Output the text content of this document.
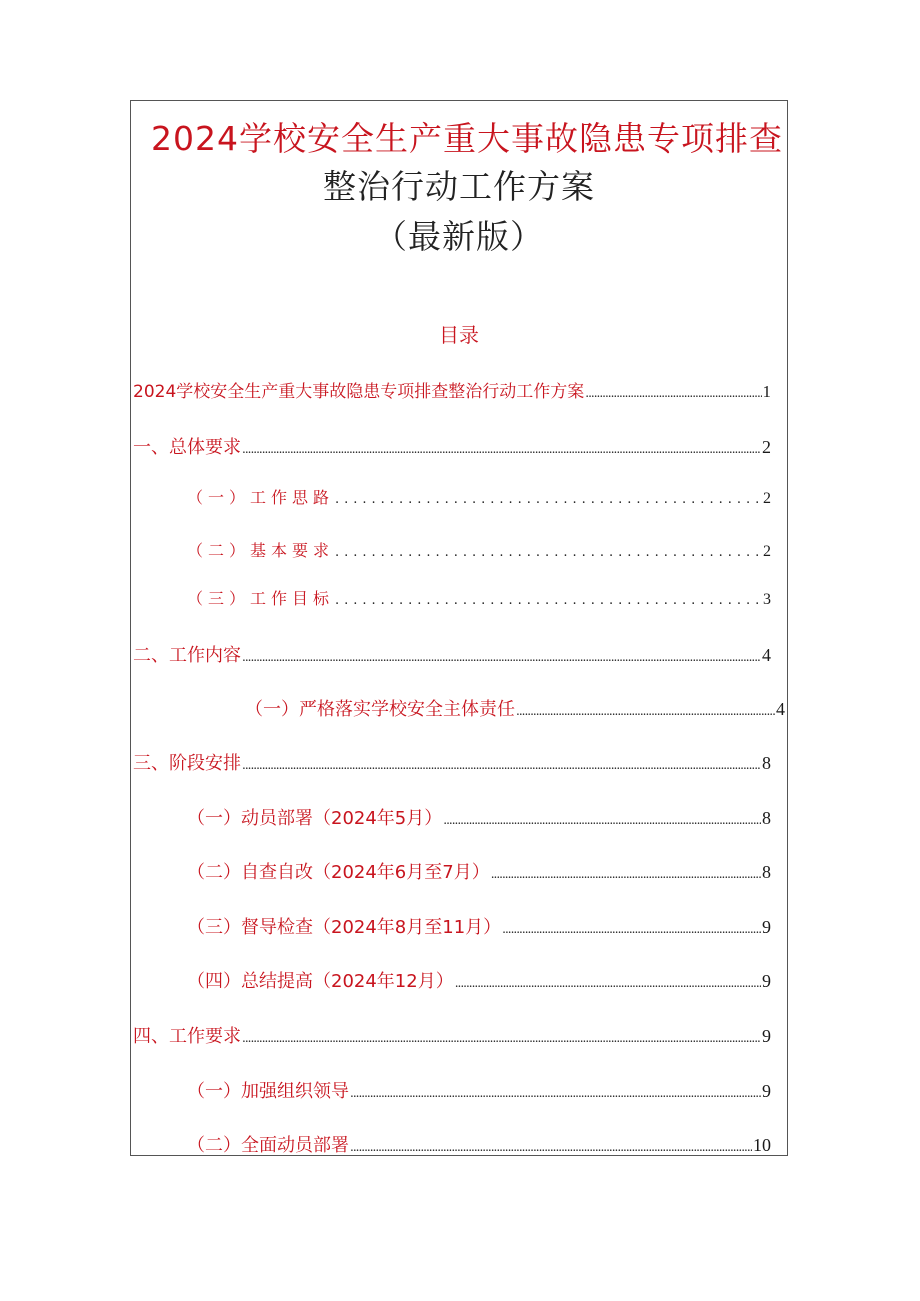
2024学校安全生产重大事故隐患专项排查
整治行动工作方案
（最新版）
目录
2024学校安全生产重大事故隐患专项排查整治行动工作方案 .....	1
一、总体要求 .....	2
（一）工作思路 .....	2
（二）基本要求 .....	2
（三）工作目标 .....	3
二、工作内容 .....	4
（一）严格落实学校安全主体责任 .....	4
三、阶段安排 .....	8
（一）动员部署（2024年5月） .....	8
（二）自查自改（2024年6月至7月） .....	8
（三）督导检查（2024年8月至11月） .....	9
（四）总结提高（2024年12月） .....	9
四、工作要求 .....	9
（一）加强组织领导 .....	9
（二）全面动员部署 .....	10
